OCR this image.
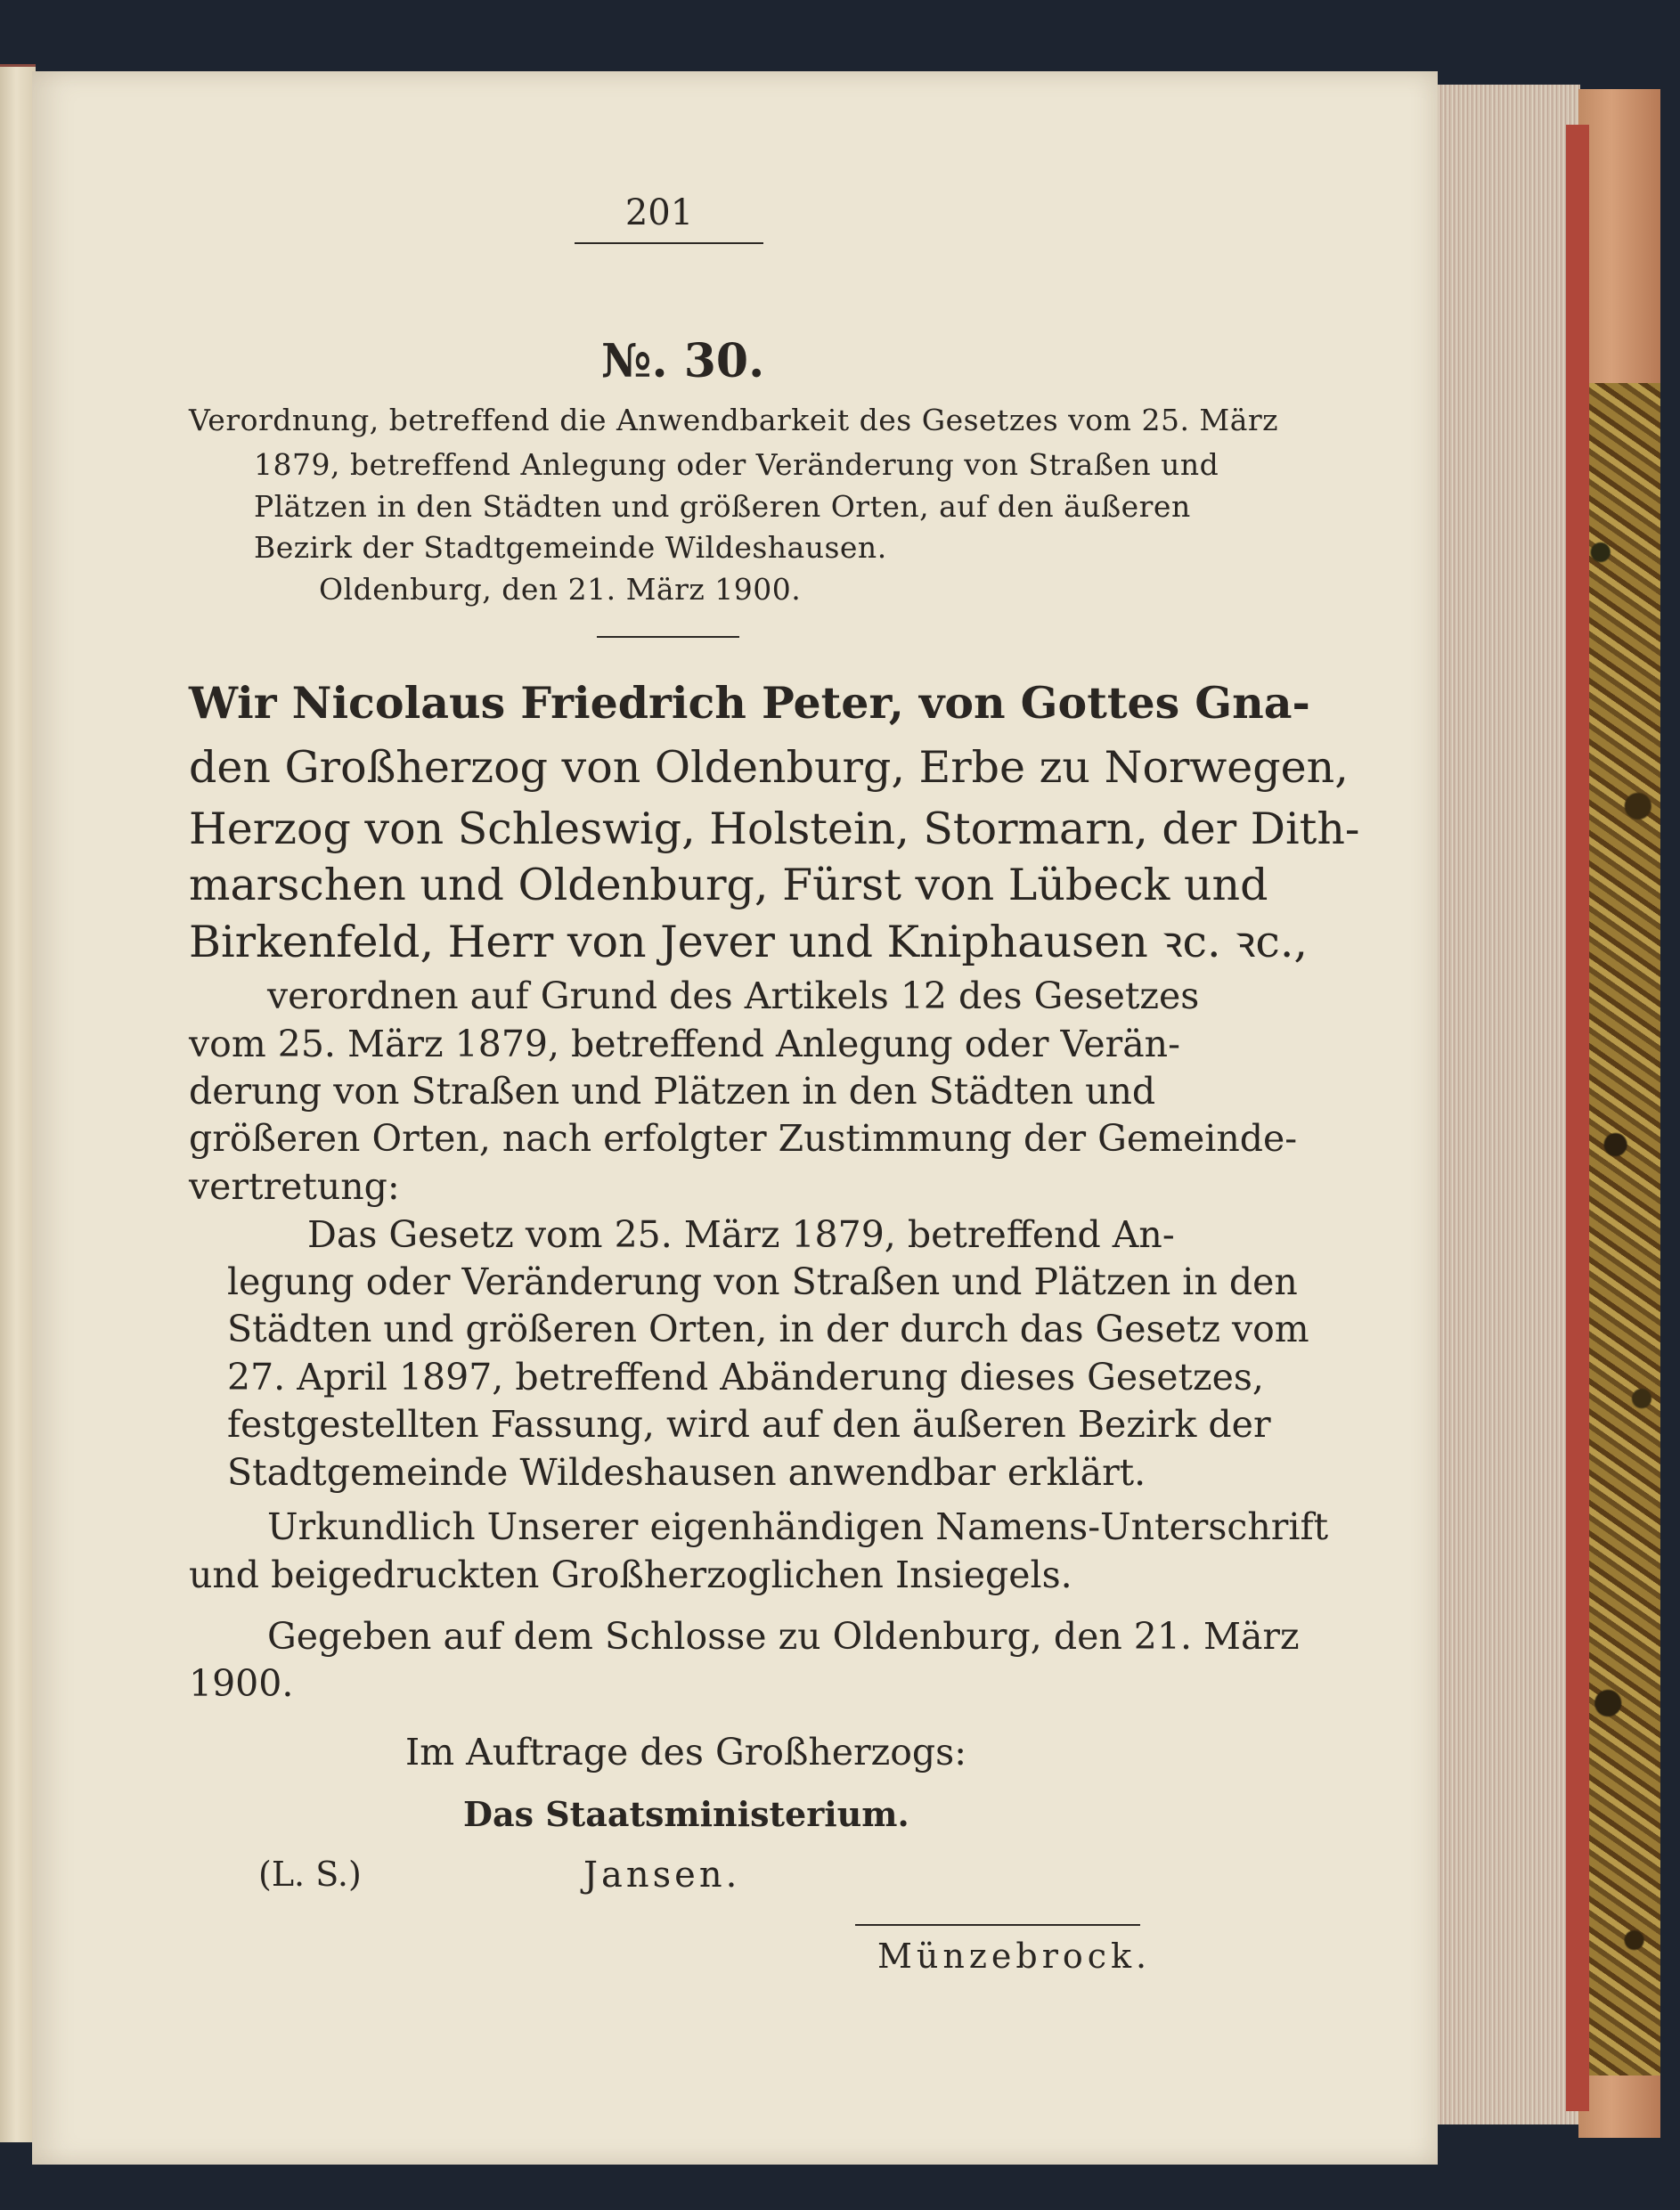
201
№. 30.
Verordnung, betreffend die Anwendbarkeit des Gesetzes vom 25. März
1879, betreffend Anlegung oder Veränderung von Straßen und
Plätzen in den Städten und größeren Orten, auf den äußeren
Bezirk der Stadtgemeinde Wildeshausen.
Oldenburg, den 21. März 1900.
Wir Nicolaus Friedrich Peter, von Gottes Gna-
den Großherzog von Oldenburg, Erbe zu Norwegen,
Herzog von Schleswig, Holstein, Stormarn, der Dith-
marschen und Oldenburg, Fürst von Lübeck und
Birkenfeld, Herr von Jever und Kniphausen ꝛc. ꝛc.,
verordnen auf Grund des Artikels 12 des Gesetzes
vom 25. März 1879, betreffend Anlegung oder Verän-
derung von Straßen und Plätzen in den Städten und
größeren Orten, nach erfolgter Zustimmung der Gemeinde-
vertretung:
Das Gesetz vom 25. März 1879, betreffend An-
legung oder Veränderung von Straßen und Plätzen in den
Städten und größeren Orten, in der durch das Gesetz vom
27. April 1897, betreffend Abänderung dieses Gesetzes,
festgestellten Fassung, wird auf den äußeren Bezirk der
Stadtgemeinde Wildeshausen anwendbar erklärt.
Urkundlich Unserer eigenhändigen Namens-Unterschrift
und beigedruckten Großherzoglichen Insiegels.
Gegeben auf dem Schlosse zu Oldenburg, den 21. März
1900.
Im Auftrage des Großherzogs:
Das Staatsministerium.
(L. S.)	Jansen.
Münzebrock.
